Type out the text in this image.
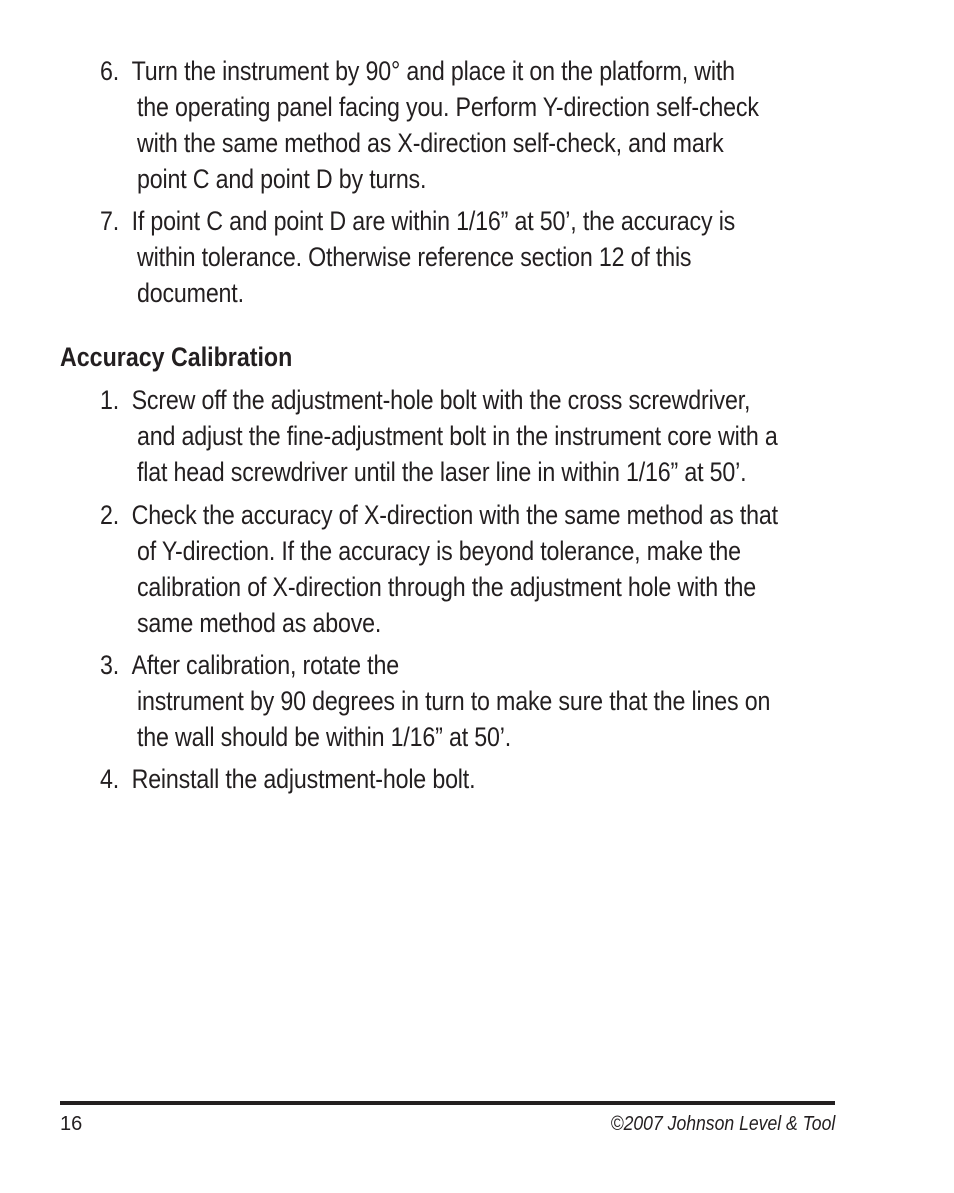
6. Turn the instrument by 90° and place it on the platform, with
the operating panel facing you. Perform Y-direction self-check
with the same method as X-direction self-check, and mark
point C and point D by turns.
7. If point C and point D are within 1/16” at 50’, the accuracy is
within tolerance. Otherwise reference section 12 of this
document.
Accuracy Calibration
1. Screw off the adjustment-hole bolt with the cross screwdriver,
and adjust the fine-adjustment bolt in the instrument core with a
flat head screwdriver until the laser line in within 1/16” at 50’.
2. Check the accuracy of X-direction with the same method as that
of Y-direction. If the accuracy is beyond tolerance, make the
calibration of X-direction through the adjustment hole with the
same method as above.
3. After calibration, rotate the
instrument by 90 degrees in turn to make sure that the lines on
the wall should be within 1/16” at 50’.
4. Reinstall the adjustment-hole bolt.
16	©2007 Johnson Level & Tool
